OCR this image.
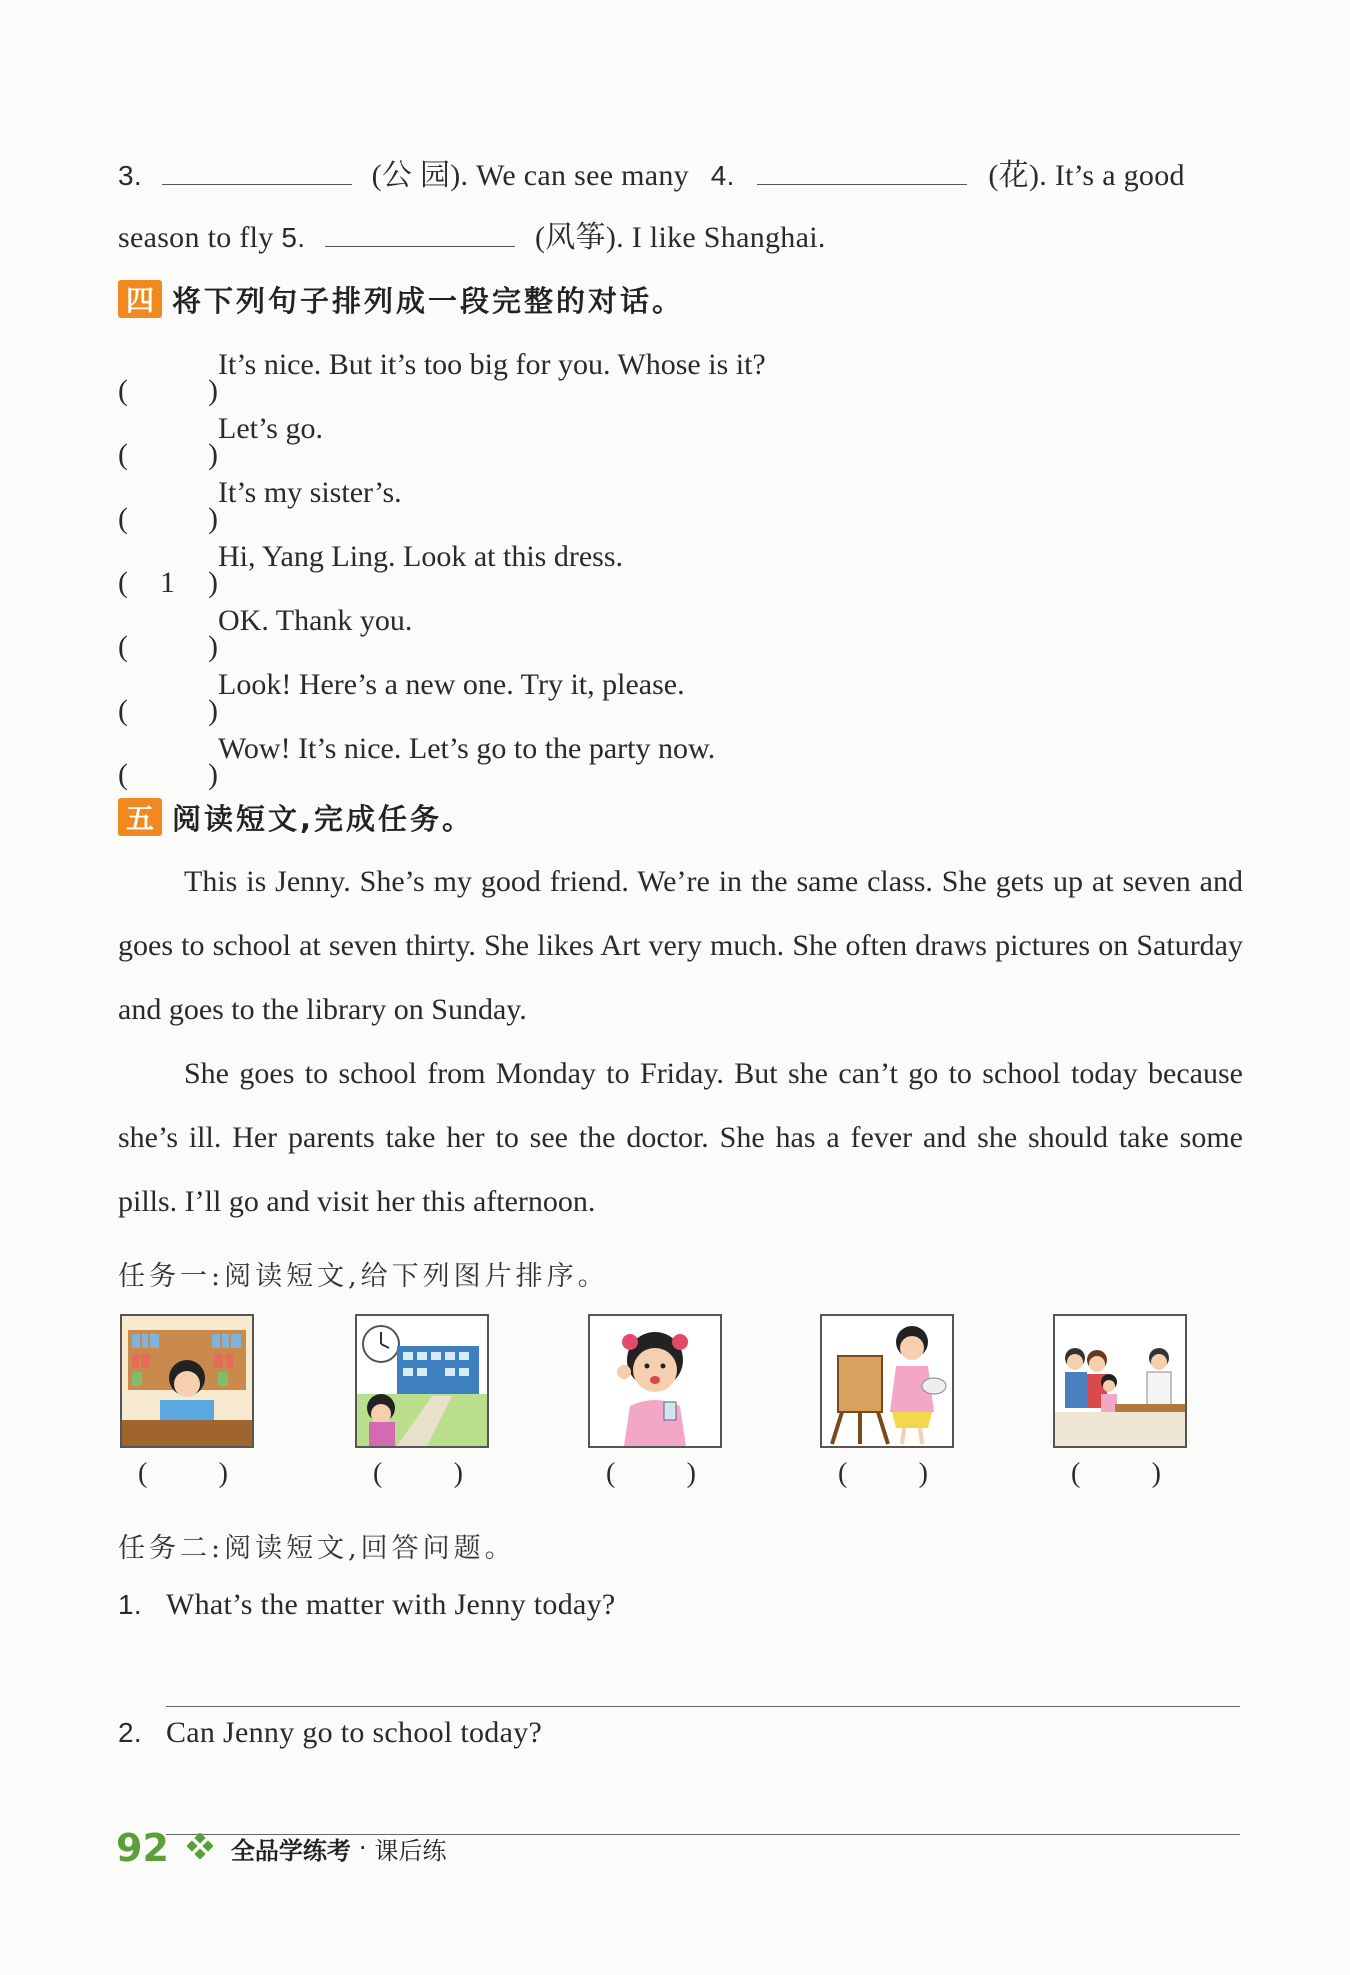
3.	(公 园). We can see many 4.	(花). It’s a good
season to fly 5.	(风筝). I like Shanghai.
四 将下列句子排列成一段完整的对话。
(	)
It’s nice. But it’s too big for you. Whose is it?
(	)
Let’s go.
(	)
It’s my sister’s.
( 1 )
Hi, Yang Ling. Look at this dress.
(	)
OK. Thank you.
(	)
Look! Here’s a new one. Try it, please.
(	)
Wow! It’s nice. Let’s go to the party now.
五 阅读短文,完成任务。
This is Jenny. She’s my good friend. We’re in the same class. She gets up at seven and goes to school at seven thirty. She likes Art very much. She often draws pictures on Saturday and goes to the library on Sunday.
She goes to school from Monday to Friday. But she can’t go to school today because she’s ill. Her parents take her to see the doctor. She has a fever and she should take some pills. I’ll go and visit her this afternoon.
任务一:阅读短文,给下列图片排序。
(	)	(	)	(	)	(	)	(	)
任务二:阅读短文,回答问题。
1. What’s the matter with Jenny today?
2. Can Jenny go to school today?
92	全品学练考 · 课后练
